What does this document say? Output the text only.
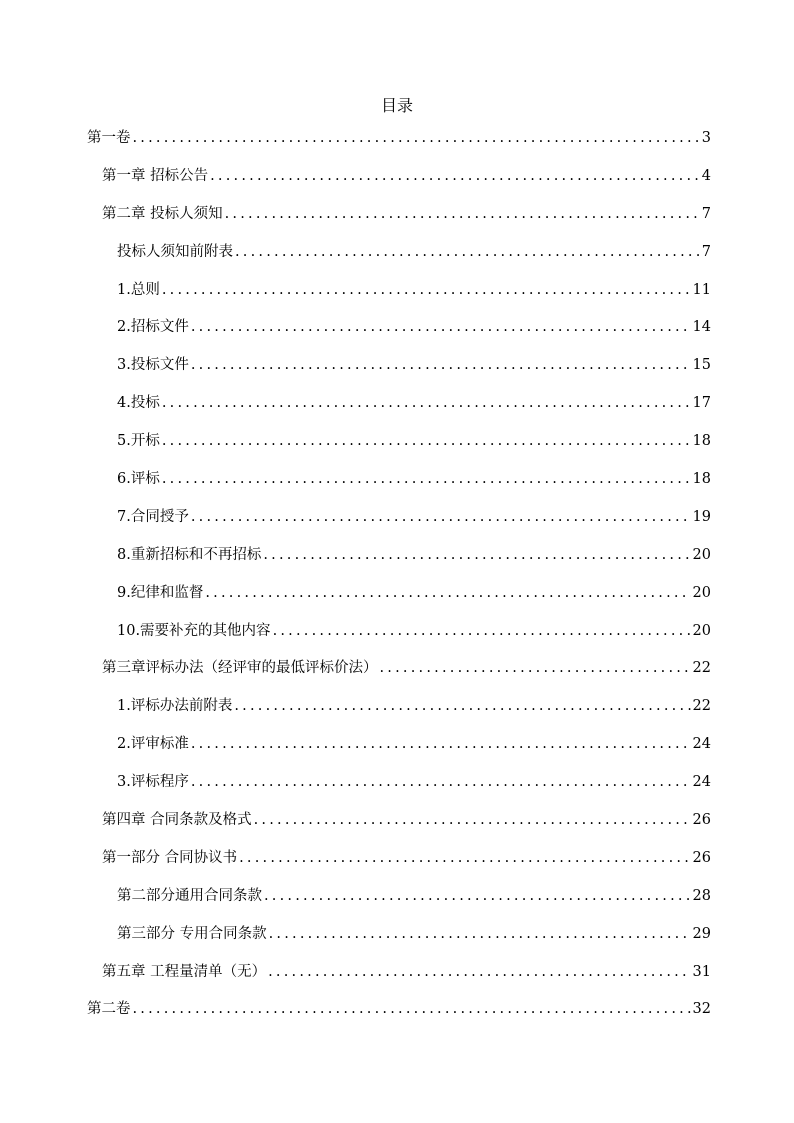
目录
第一卷 .....	3
第一章 招标公告 .....	4
第二章 投标人须知 .....	7
投标人须知前附表 .....	7
1.总则 .....	11
2.招标文件 .....	14
3.投标文件 .....	15
4.投标 .....	17
5.开标 .....	18
6.评标 .....	18
7.合同授予 .....	19
8.重新招标和不再招标 .....	20
9.纪律和监督 .....	20
10.需要补充的其他内容 .....	20
第三章评标办法（经评审的最低评标价法） .....	22
1.评标办法前附表 .....	22
2.评审标准 .....	24
3.评标程序 .....	24
第四章 合同条款及格式 .....	26
第一部分 合同协议书 .....	26
第二部分通用合同条款 .....	28
第三部分 专用合同条款 .....	29
第五章 工程量清单（无） .....	31
第二卷 .....	32
